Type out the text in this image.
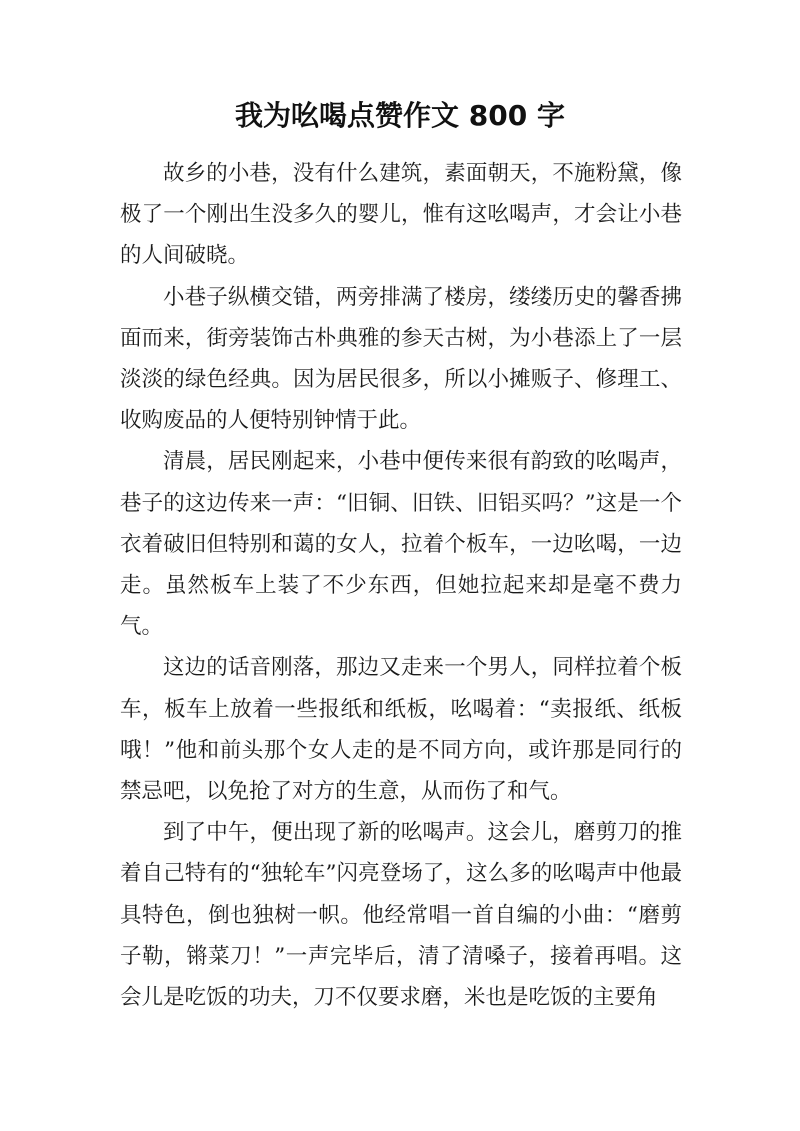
我为吆喝点赞作文 800 字

故乡的小巷，没有什么建筑，素面朝天，不施粉黛，像极了一个刚出生没多久的婴儿，惟有这吆喝声，才会让小巷的人间破晓。

小巷子纵横交错，两旁排满了楼房，缕缕历史的馨香拂面而来，街旁装饰古朴典雅的参天古树，为小巷添上了一层淡淡的绿色经典。因为居民很多，所以小摊贩子、修理工、收购废品的人便特别钟情于此。

清晨，居民刚起来，小巷中便传来很有韵致的吆喝声，巷子的这边传来一声：“旧铜、旧铁、旧铝买吗？”这是一个衣着破旧但特别和蔼的女人，拉着个板车，一边吆喝，一边走。虽然板车上装了不少东西，但她拉起来却是毫不费力气。

这边的话音刚落，那边又走来一个男人，同样拉着个板车，板车上放着一些报纸和纸板，吆喝着：“卖报纸、纸板哦！”他和前头那个女人走的是不同方向，或许那是同行的禁忌吧，以免抢了对方的生意，从而伤了和气。

到了中午，便出现了新的吆喝声。这会儿，磨剪刀的推着自己特有的“独轮车”闪亮登场了，这么多的吆喝声中他最具特色，倒也独树一帜。他经常唱一首自编的小曲：“磨剪子勒，锵菜刀！”一声完毕后，清了清嗓子，接着再唱。这会儿是吃饭的功夫，刀不仅要求磨，米也是吃饭的主要角
